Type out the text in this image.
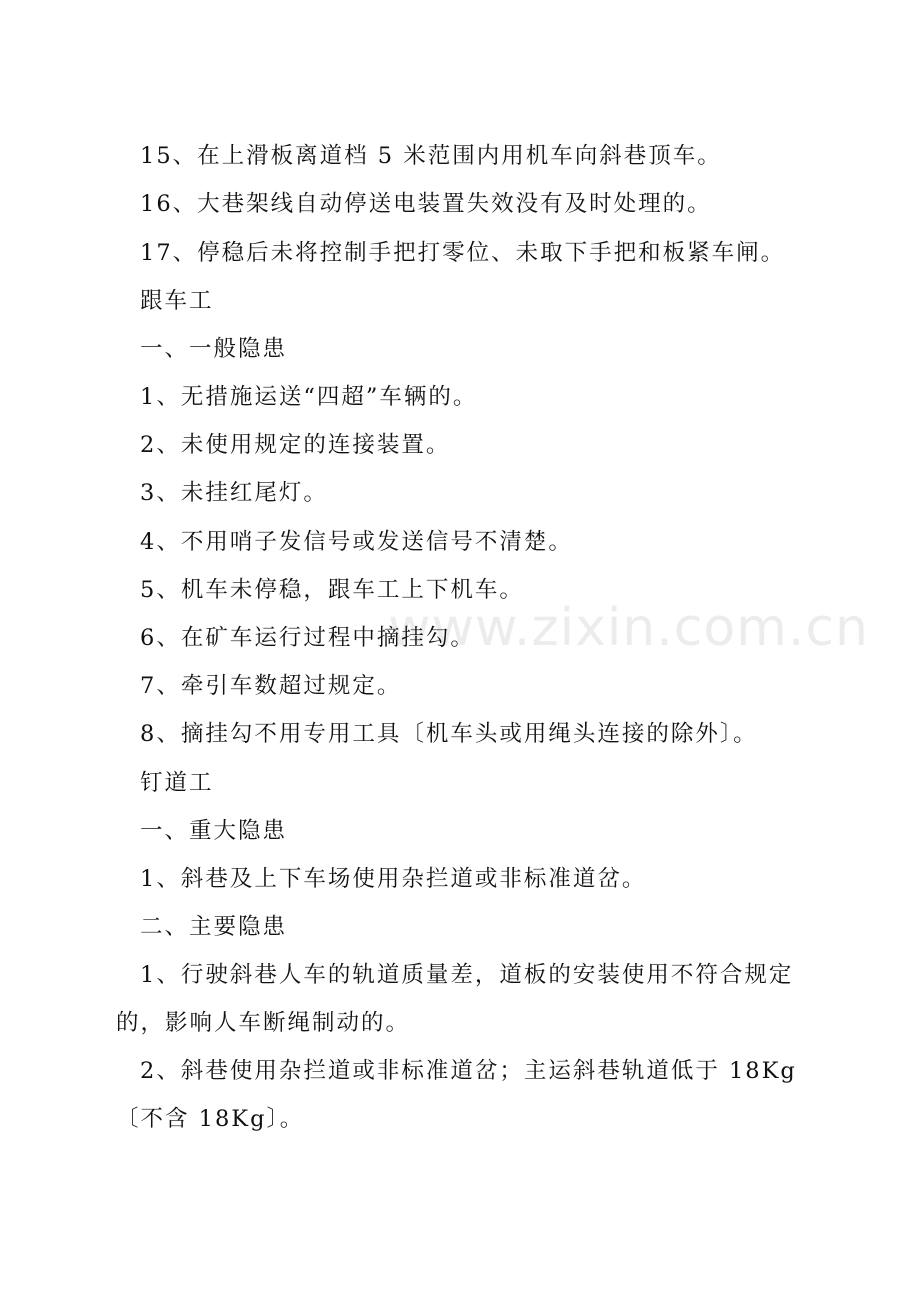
www.zixin.com.cn
15、在上滑板离道档 5 米范围内用机车向斜巷顶车。
16、大巷架线自动停送电装置失效没有及时处理的。
17、停稳后未将控制手把打零位、未取下手把和板紧车闸。
跟车工
一、一般隐患
1、无措施运送“四超”车辆的。
2、未使用规定的连接装置。
3、未挂红尾灯。
4、不用哨子发信号或发送信号不清楚。
5、机车未停稳，跟车工上下机车。
6、在矿车运行过程中摘挂勾。
7、牵引车数超过规定。
8、摘挂勾不用专用工具〔机车头或用绳头连接的除外〕。
钉道工
一、重大隐患
1、斜巷及上下车场使用杂拦道或非标准道岔。
二、主要隐患
1、行驶斜巷人车的轨道质量差，道板的安装使用不符合规定的，影响人车断绳制动的。
2、斜巷使用杂拦道或非标准道岔；主运斜巷轨道低于 18Kg〔不含 18Kg〕。
